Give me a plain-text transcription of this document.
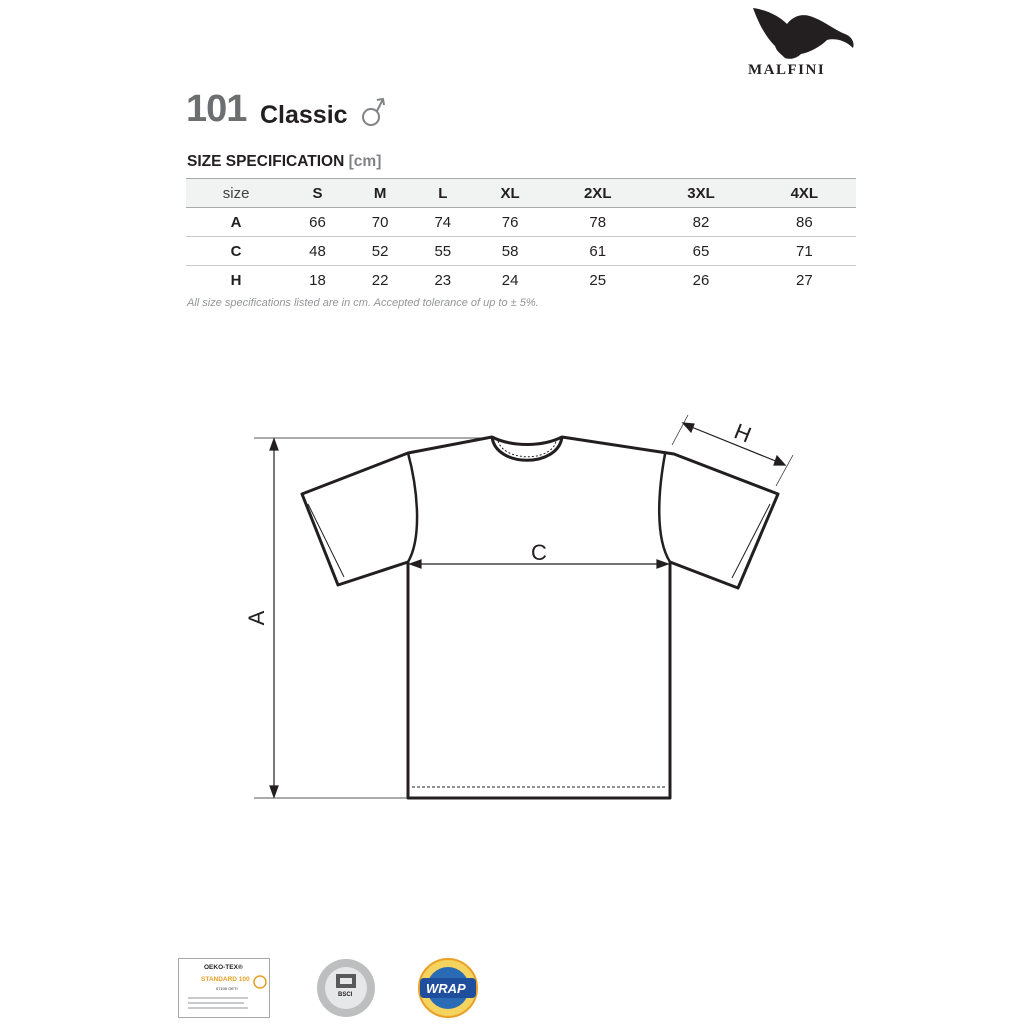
MALFINI
101 Classic
SIZE SPECIFICATION [cm]
size	S	M	L	XL	2XL	3XL	4XL
A	66	70	74	76	78	82	86
C	48	52	55	58	61	65	71
H	18	22	23	24	25	26	27
All size specifications listed are in cm. Accepted tolerance of up to ± 5%.
A
C
H
OEKO-TEX®
STANDARD 100
07100 OETI
BSCI	WRAP
